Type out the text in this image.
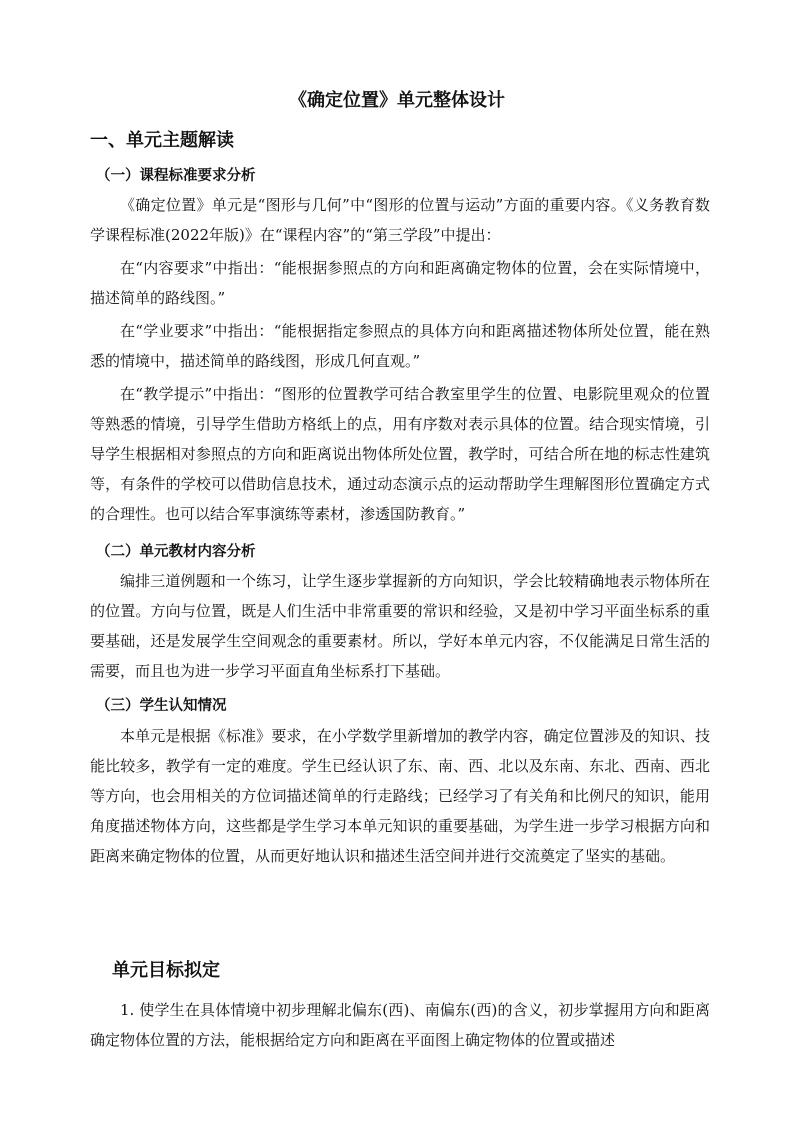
《确定位置》单元整体设计
一、单元主题解读
（一）课程标准要求分析

《确定位置》单元是“图形与几何”中“图形的位置与运动”方面的重要内容。《义务教育数学课程标准(2022年版)》在“课程内容”的“第三学段”中提出：

在“内容要求”中指出：“能根据参照点的方向和距离确定物体的位置，会在实际情境中，描述简单的路线图。”

在“学业要求”中指出：“能根据指定参照点的具体方向和距离描述物体所处位置，能在熟悉的情境中，描述简单的路线图，形成几何直观。”

在“教学提示”中指出：“图形的位置教学可结合教室里学生的位置、电影院里观众的位置等熟悉的情境，引导学生借助方格纸上的点，用有序数对表示具体的位置。结合现实情境，引导学生根据相对参照点的方向和距离说出物体所处位置，教学时，可结合所在地的标志性建筑等，有条件的学校可以借助信息技术，通过动态演示点的运动帮助学生理解图形位置确定方式的合理性。也可以结合军事演练等素材，渗透国防教育。”

（二）单元教材内容分析

编排三道例题和一个练习，让学生逐步掌握新的方向知识，学会比较精确地表示物体所在的位置。方向与位置，既是人们生活中非常重要的常识和经验，又是初中学习平面坐标系的重要基础，还是发展学生空间观念的重要素材。所以，学好本单元内容，不仅能满足日常生活的需要，而且也为进一步学习平面直角坐标系打下基础。

（三）学生认知情况

本单元是根据《标准》要求，在小学数学里新增加的教学内容，确定位置涉及的知识、技能比较多，教学有一定的难度。学生已经认识了东、南、西、北以及东南、东北、西南、西北等方向，也会用相关的方位词描述简单的行走路线；已经学习了有关角和比例尺的知识，能用角度描述物体方向，这些都是学生学习本单元知识的重要基础，为学生进一步学习根据方向和距离来确定物体的位置，从而更好地认识和描述生活空间并进行交流奠定了坚实的基础。

单元目标拟定

1. 使学生在具体情境中初步理解北偏东(西)、南偏东(西)的含义，初步掌握用方向和距离确定物体位置的方法，能根据给定方向和距离在平面图上确定物体的位置或描述
